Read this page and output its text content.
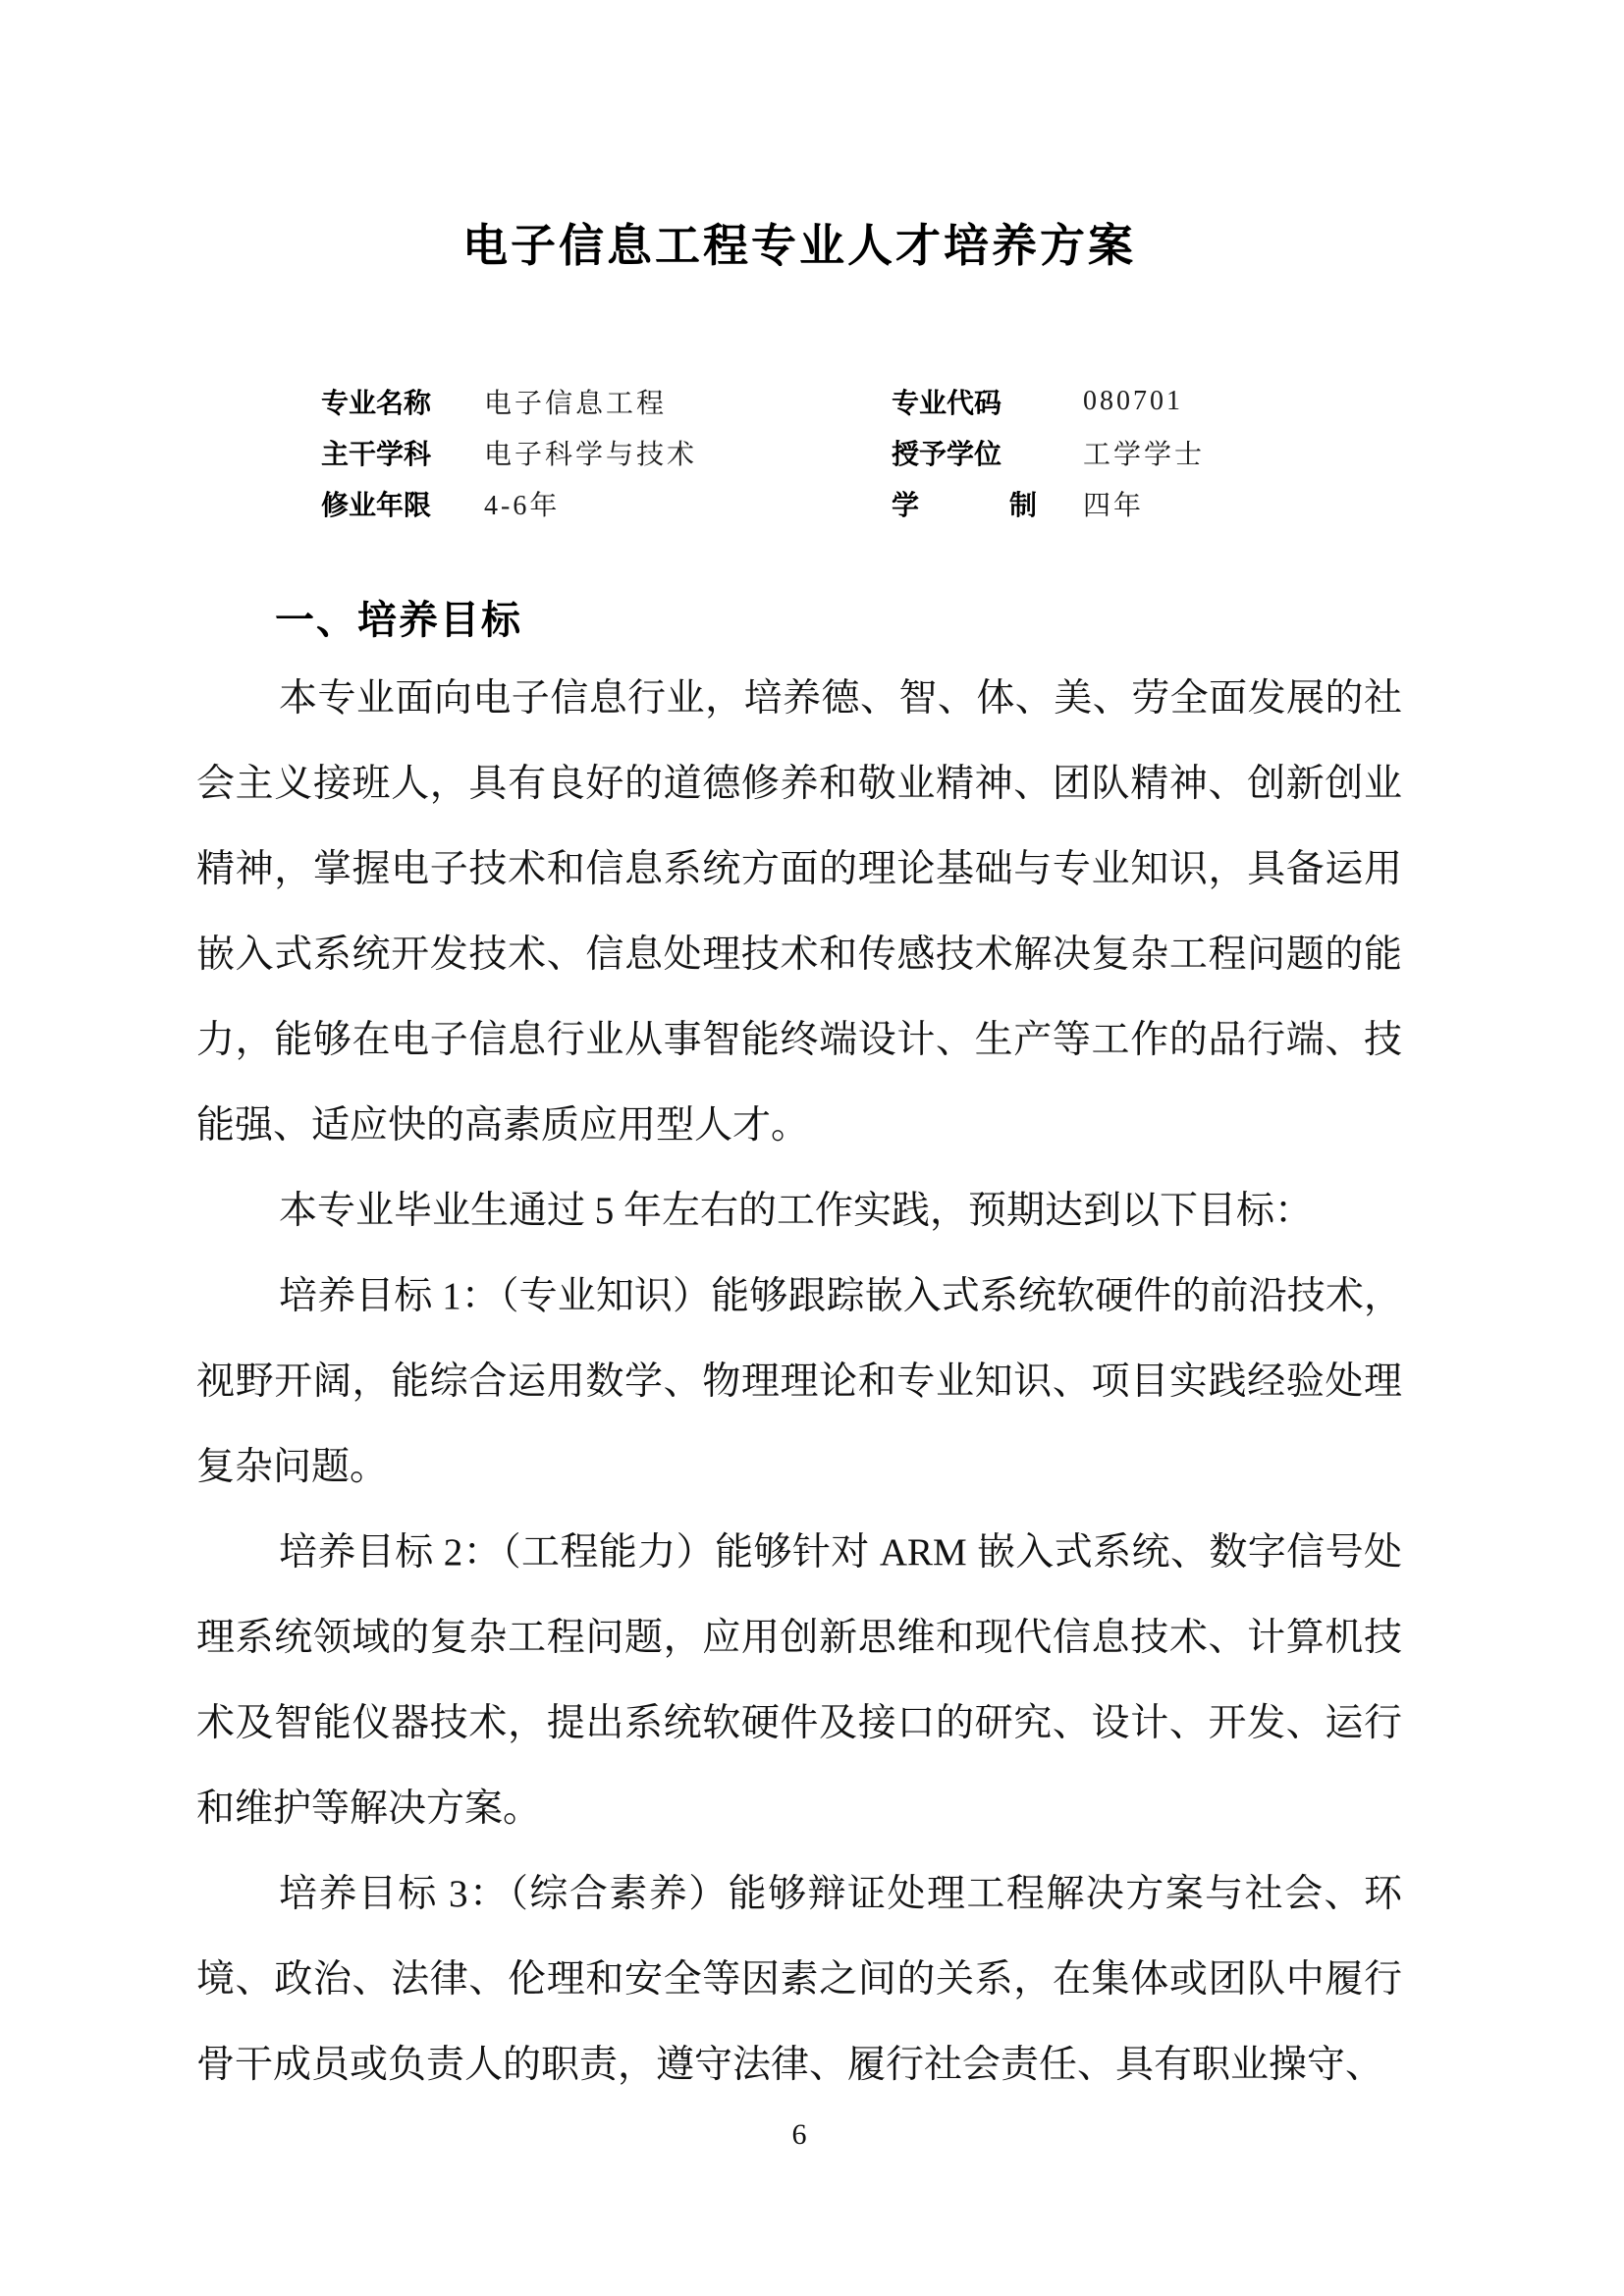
电子信息工程专业人才培养方案
专业名称	电子信息工程	专业代码	080701
主干学科	电子科学与技术	授予学位	工学学士
修业年限	4-6年	学制	四年
一、培养目标

本专业面向电子信息行业，培养德、智、体、美、劳全面发展的社会主义接班人，具有良好的道德修养和敬业精神、团队精神、创新创业精神，掌握电子技术和信息系统方面的理论基础与专业知识，具备运用嵌入式系统开发技术、信息处理技术和传感技术解决复杂工程问题的能力，能够在电子信息行业从事智能终端设计、生产等工作的品行端、技能强、适应快的高素质应用型人才。

本专业毕业生通过 5 年左右的工作实践，预期达到以下目标：

培养目标 1：（专业知识）能够跟踪嵌入式系统软硬件的前沿技术，视野开阔，能综合运用数学、物理理论和专业知识、项目实践经验处理复杂问题。

培养目标 2：（工程能力）能够针对 ARM 嵌入式系统、数字信号处理系统领域的复杂工程问题，应用创新思维和现代信息技术、计算机技术及智能仪器技术，提出系统软硬件及接口的研究、设计、开发、运行和维护等解决方案。

培养目标 3：（综合素养）能够辩证处理工程解决方案与社会、环境、政治、法律、伦理和安全等因素之间的关系，在集体或团队中履行骨干成员或负责人的职责，遵守法律、履行社会责任、具有职业操守、

6
